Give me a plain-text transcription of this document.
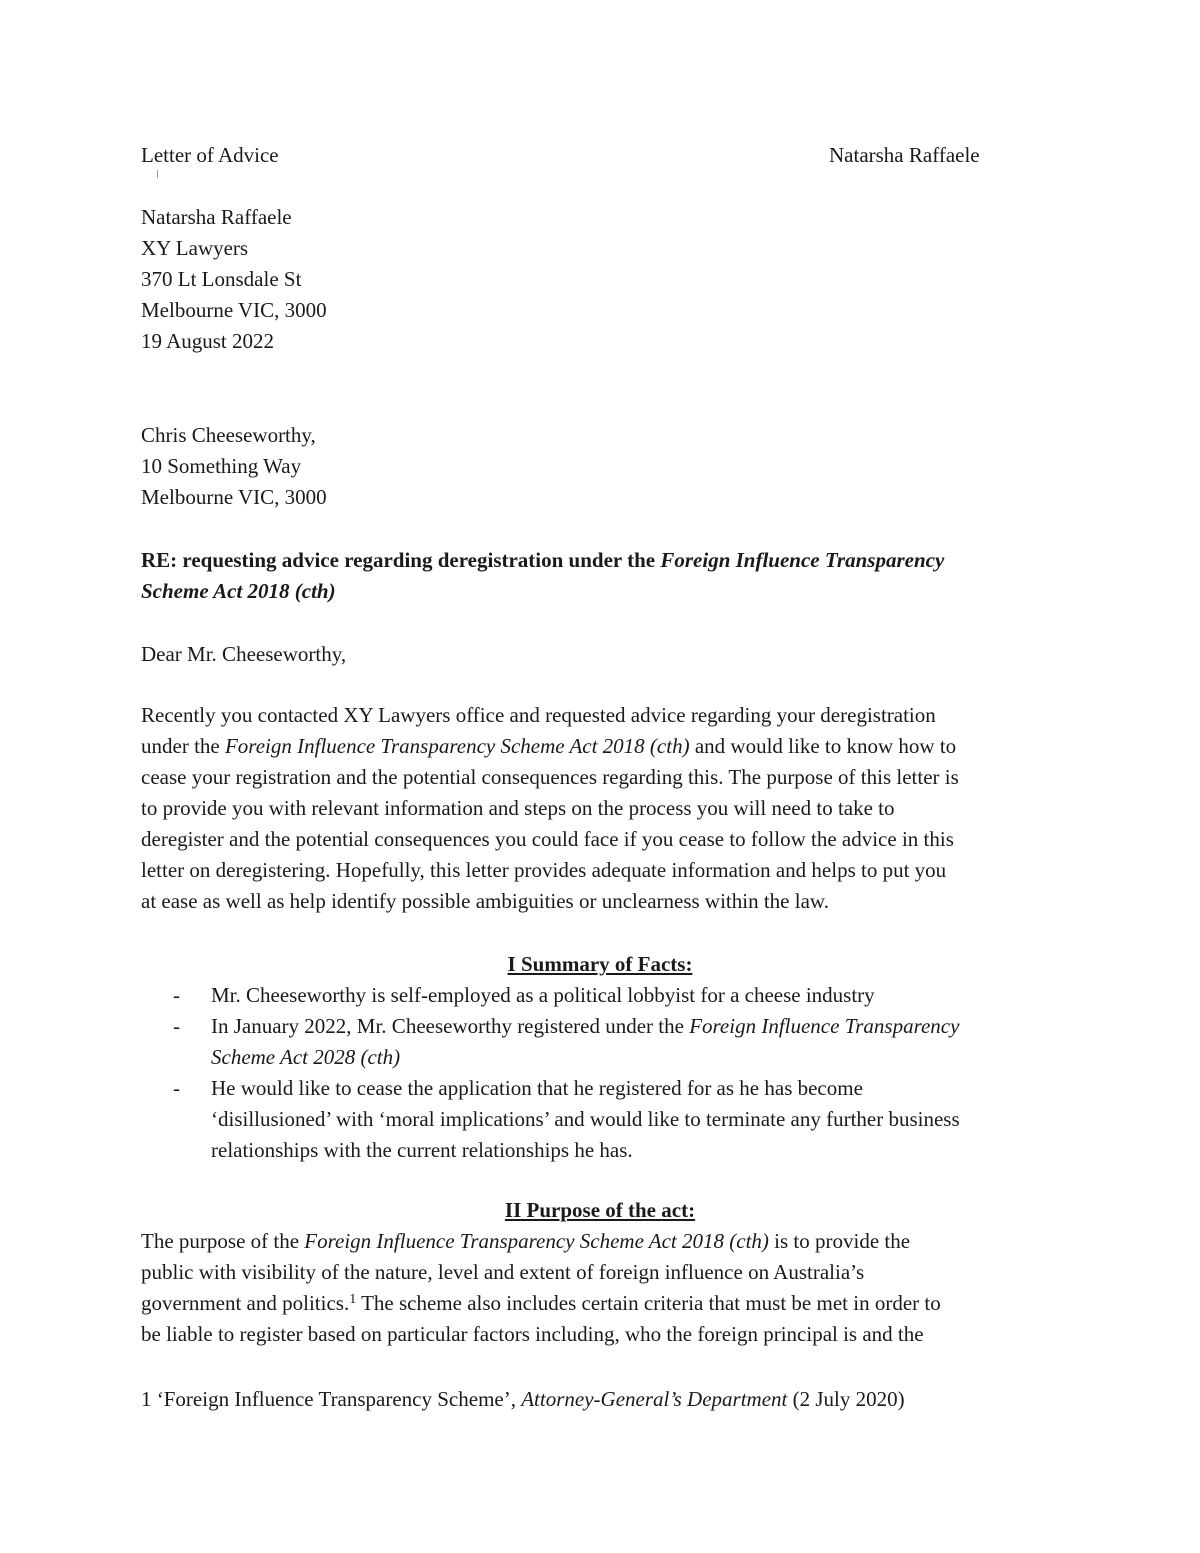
Letter of Advice	Natarsha Raffaele
Natarsha Raffaele
XY Lawyers
370 Lt Lonsdale St
Melbourne VIC, 3000
19 August 2022
Chris Cheeseworthy,
10 Something Way
Melbourne VIC, 3000
RE: requesting advice regarding deregistration under the Foreign Influence Transparency
Scheme Act 2018 (cth)
Dear Mr. Cheeseworthy,
Recently you contacted XY Lawyers office and requested advice regarding your deregistration
under the Foreign Influence Transparency Scheme Act 2018 (cth) and would like to know how to
cease your registration and the potential consequences regarding this. The purpose of this letter is
to provide you with relevant information and steps on the process you will need to take to
deregister and the potential consequences you could face if you cease to follow the advice in this
letter on deregistering. Hopefully, this letter provides adequate information and helps to put you
at ease as well as help identify possible ambiguities or unclearness within the law.
I Summary of Facts:
- Mr. Cheeseworthy is self-employed as a political lobbyist for a cheese industry
- In January 2022, Mr. Cheeseworthy registered under the Foreign Influence Transparency
Scheme Act 2028 (cth)
- He would like to cease the application that he registered for as he has become
‘disillusioned’ with ‘moral implications’ and would like to terminate any further business
relationships with the current relationships he has.
II Purpose of the act:
The purpose of the Foreign Influence Transparency Scheme Act 2018 (cth) is to provide the
public with visibility of the nature, level and extent of foreign influence on Australia’s
government and politics.$^1$ The scheme also includes certain criteria that must be met in order to
be liable to register based on particular factors including, who the foreign principal is and the
1 ‘Foreign Influence Transparency Scheme’, Attorney-General’s Department (2 July 2020)
